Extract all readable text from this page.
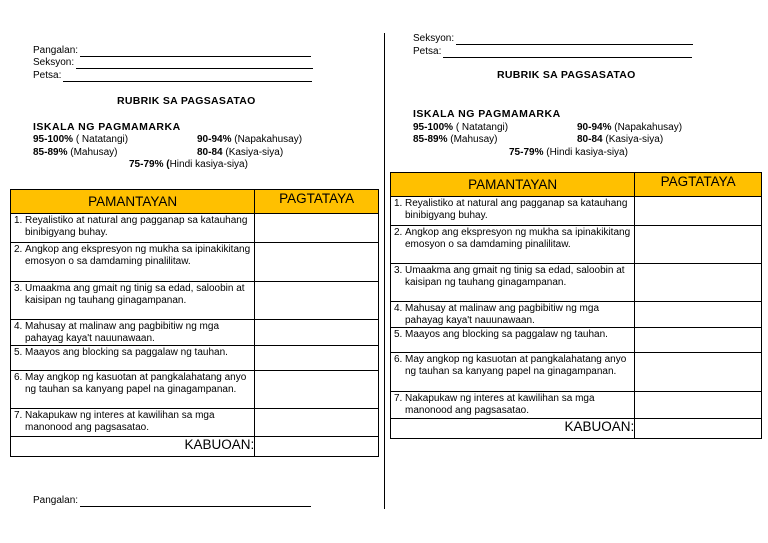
Pangalan:
Seksyon:
Petsa:
RUBRIK SA PAGSASATAO
ISKALA NG PAGMAMARKA
95-100% ( Natatangi)	90-94% (Napakahusay)
85-89% (Mahusay)	80-84 (Kasiya-siya)
75-79% (Hindi kasiya-siya)
PAMANTAYAN	PAGTATAYA

1. Reyalistiko at natural ang pagganap sa katauhang binibigyang buhay.	

2. Angkop ang ekspresyon ng mukha sa ipinakikitang emosyon o sa damdaming pinalilitaw.	

3. Umaakma ang gmait ng tinig sa edad, saloobin at kaisipan ng tauhang ginagampanan.	

4. Mahusay at malinaw ang pagbibitiw ng mga pahayag kaya't nauunawaan.	

5. Maayos ang blocking sa paggalaw ng tauhan.	

6. May angkop ng kasuotan at pangkalahatang anyo ng tauhan sa kanyang papel na ginagampanan.	

7. Nakapukaw ng interes at kawilihan sa mga manonood ang pagsasatao.	

KABUOAN:	
Pangalan:
Seksyon:
Petsa:
RUBRIK SA PAGSASATAO
ISKALA NG PAGMAMARKA
95-100% ( Natatangi)	90-94% (Napakahusay)
85-89% (Mahusay)	80-84 (Kasiya-siya)
75-79% (Hindi kasiya-siya)
PAMANTAYAN	PAGTATAYA

1. Reyalistiko at natural ang pagganap sa katauhang binibigyang buhay.	

2. Angkop ang ekspresyon ng mukha sa ipinakikitang emosyon o sa damdaming pinalilitaw.	

3. Umaakma ang gmait ng tinig sa edad, saloobin at kaisipan ng tauhang ginagampanan.	

4. Mahusay at malinaw ang pagbibitiw ng mga pahayag kaya't nauunawaan.	

5. Maayos ang blocking sa paggalaw ng tauhan.	

6. May angkop ng kasuotan at pangkalahatang anyo ng tauhan sa kanyang papel na ginagampanan.	

7. Nakapukaw ng interes at kawilihan sa mga manonood ang pagsasatao.	

KABUOAN:	
